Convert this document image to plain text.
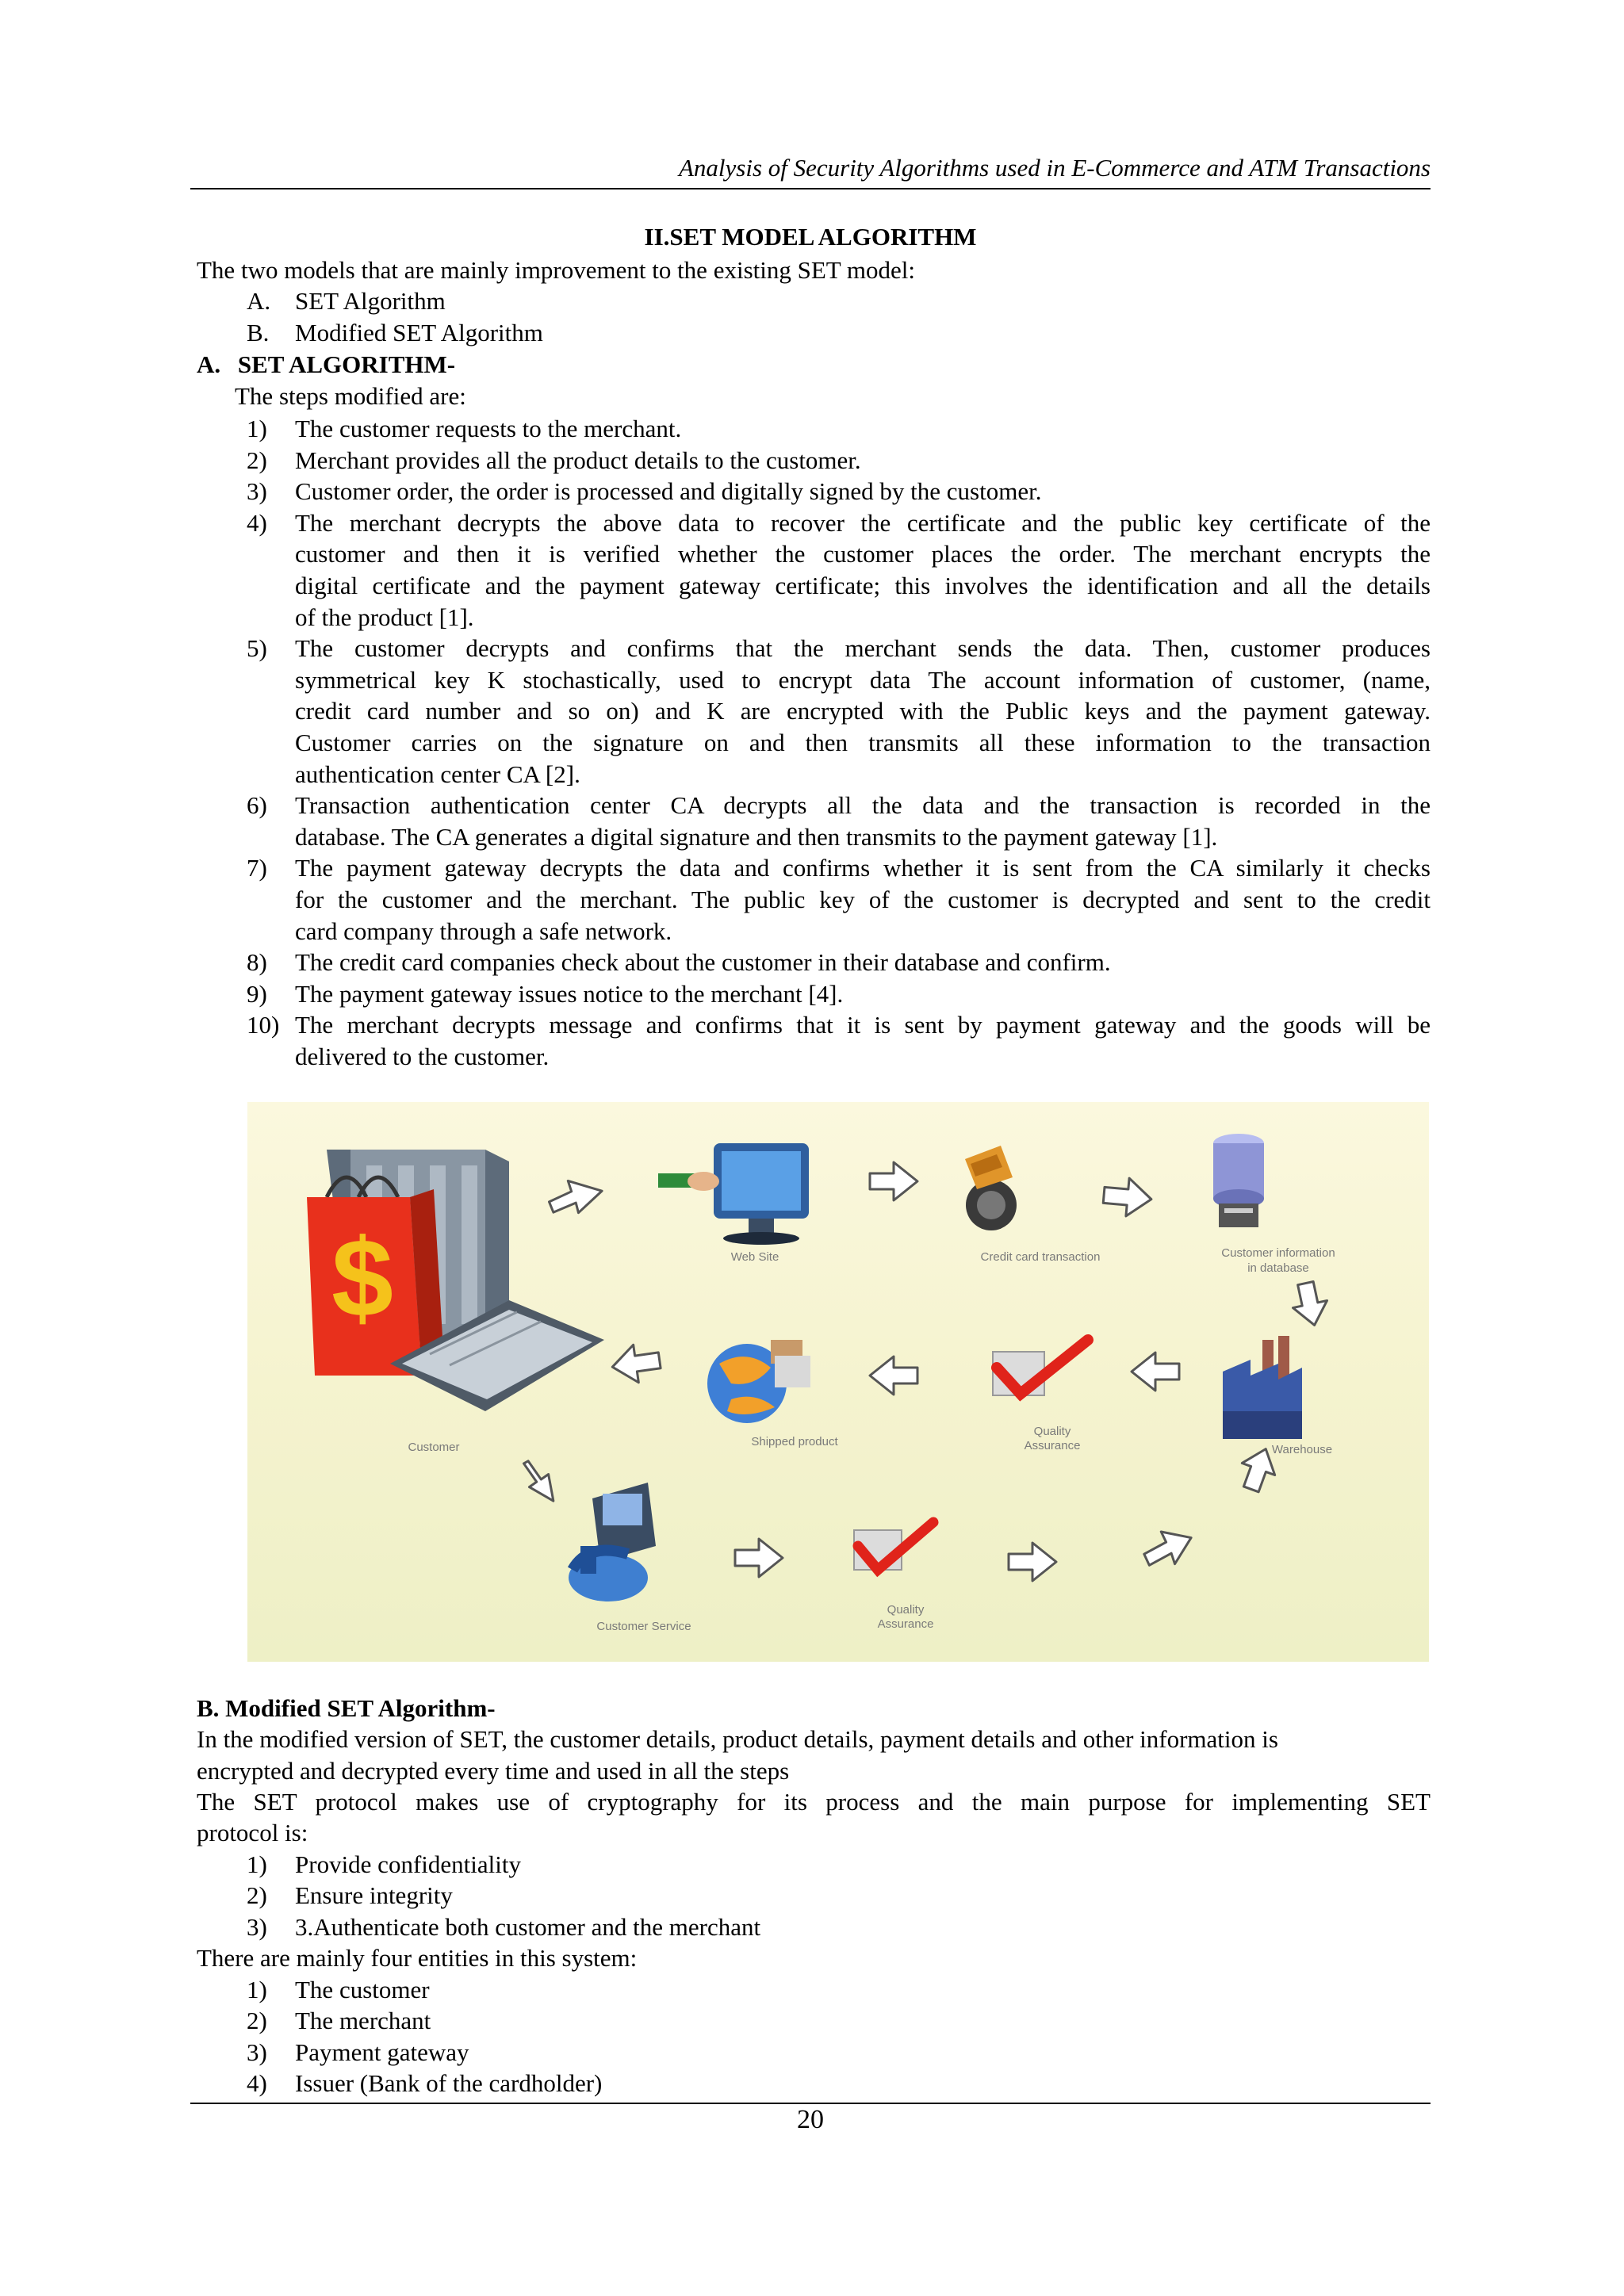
Analysis of Security Algorithms used in E-Commerce and ATM Transactions
II.SET MODEL ALGORITHM
The two models that are mainly improvement to the existing SET model:
A. SET Algorithm
B. Modified SET Algorithm
A. SET ALGORITHM-
The steps modified are:
1) The customer requests to the merchant.
2) Merchant provides all the product details to the customer.
3) Customer order, the order is processed and digitally signed by the customer.
4) The merchant decrypts the above data to recover the certificate and the public key certificate of the
customer and then it is verified whether the customer places the order. The merchant encrypts the
digital certificate and the payment gateway certificate; this involves the identification and all the details
of the product [1].
5) The customer decrypts and confirms that the merchant sends the data. Then, customer produces
symmetrical key K stochastically, used to encrypt data The account information of customer, (name,
credit card number and so on) and K are encrypted with the Public keys and the payment gateway.
Customer carries on the signature on and then transmits all these information to the transaction
authentication center CA [2].
6) Transaction authentication center CA decrypts all the data and the transaction is recorded in the
database. The CA generates a digital signature and then transmits to the payment gateway [1].
7) The payment gateway decrypts the data and confirms whether it is sent from the CA similarly it checks
for the customer and the merchant. The public key of the customer is decrypted and sent to the credit
card company through a safe network.
8) The credit card companies check about the customer in their database and confirm.
9) The payment gateway issues notice to the merchant [4].
10) The merchant decrypts message and confirms that it is sent by payment gateway and the goods will be
delivered to the customer.
$	Web Site	Credit card transaction	Customer information
in database
Customer	Shipped product
Quality
Assurance	Warehouse
Customer Service
Quality
Assurance
B. Modified SET Algorithm-
In the modified version of SET, the customer details, product details, payment details and other information is
encrypted and decrypted every time and used in all the steps
The SET protocol makes use of cryptography for its process and the main purpose for implementing SET
protocol is:
1) Provide confidentiality
2) Ensure integrity
3) 3.Authenticate both customer and the merchant
There are mainly four entities in this system:
1) The customer
2) The merchant
3) Payment gateway
4) Issuer (Bank of the cardholder)
20
